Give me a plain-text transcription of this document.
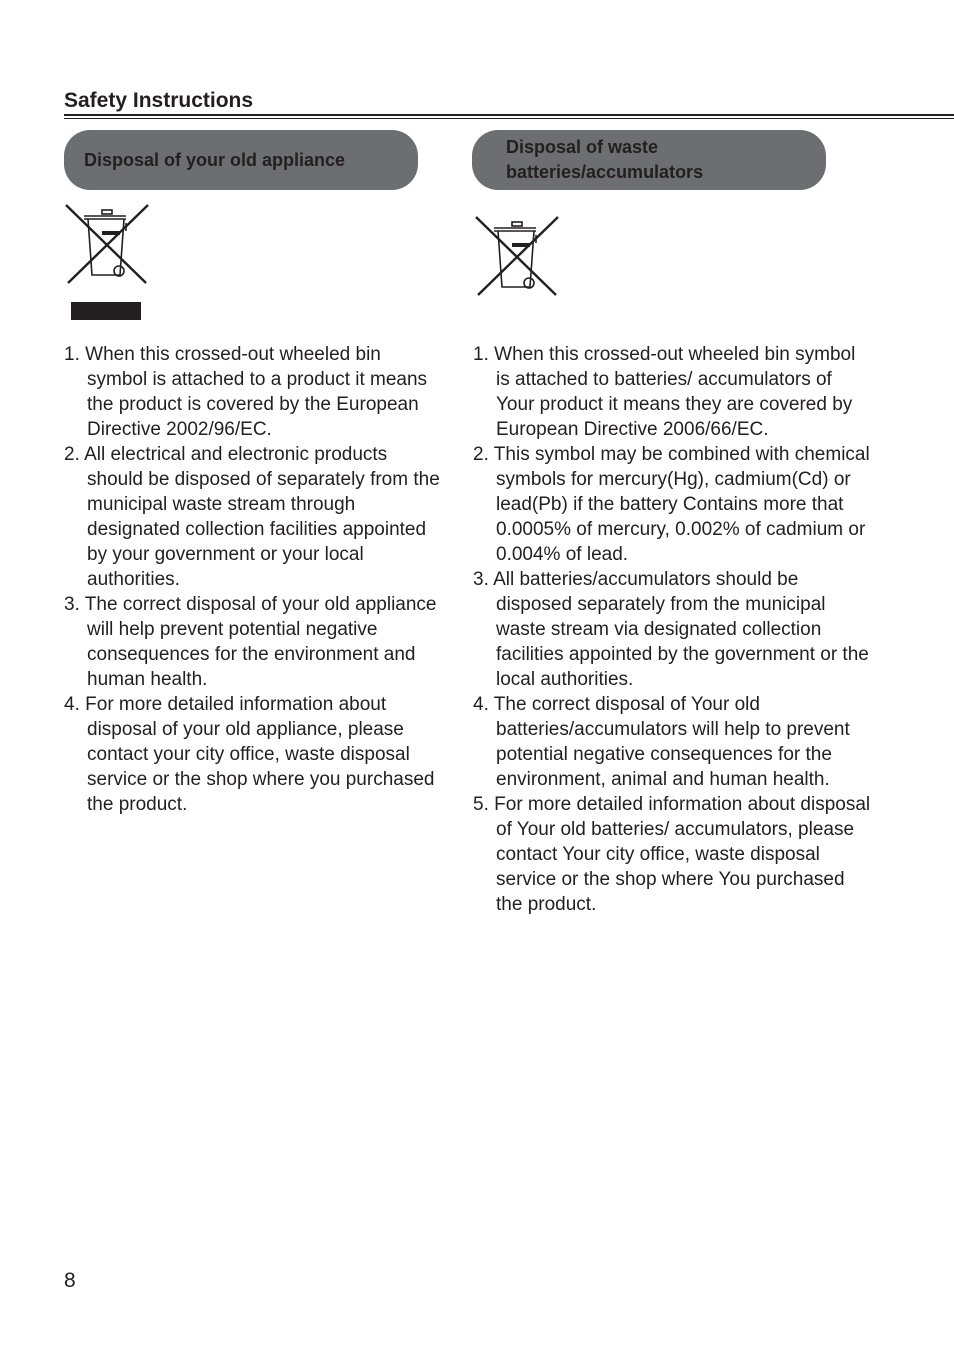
Safety Instructions
Disposal of your old appliance
1. When this crossed-out wheeled bin symbol is attached to a product it means the product is covered by the European Directive 2002/96/EC.
2. All electrical and electronic products should be disposed of separately from the municipal waste stream through designated collection facilities appointed by your government or your local authorities.
3. The correct disposal of your old appliance will help prevent potential negative consequences for the environment and human health.
4. For more detailed information about disposal of your old appliance, please contact your city office, waste disposal service or the shop where you purchased the product.
Disposal of waste
batteries/accumulators
1. When this crossed-out wheeled bin symbol is attached to batteries/ accumulators of Your product it means they are covered by European Directive 2006/66/EC.
2. This symbol may be combined with chemical symbols for mercury(Hg), cadmium(Cd) or lead(Pb) if the battery Contains more that 0.0005% of mercury, 0.002% of cadmium or 0.004% of lead.
3. All batteries/accumulators should be disposed separately from the municipal waste stream via designated collection facilities appointed by the government or the local authorities.
4. The correct disposal of Your old batteries/accumulators will help to prevent potential negative consequences for the environment, animal and human health.
5. For more detailed information about disposal of Your old batteries/ accumulators, please contact Your city office, waste disposal service or the shop where You purchased the product.
8
